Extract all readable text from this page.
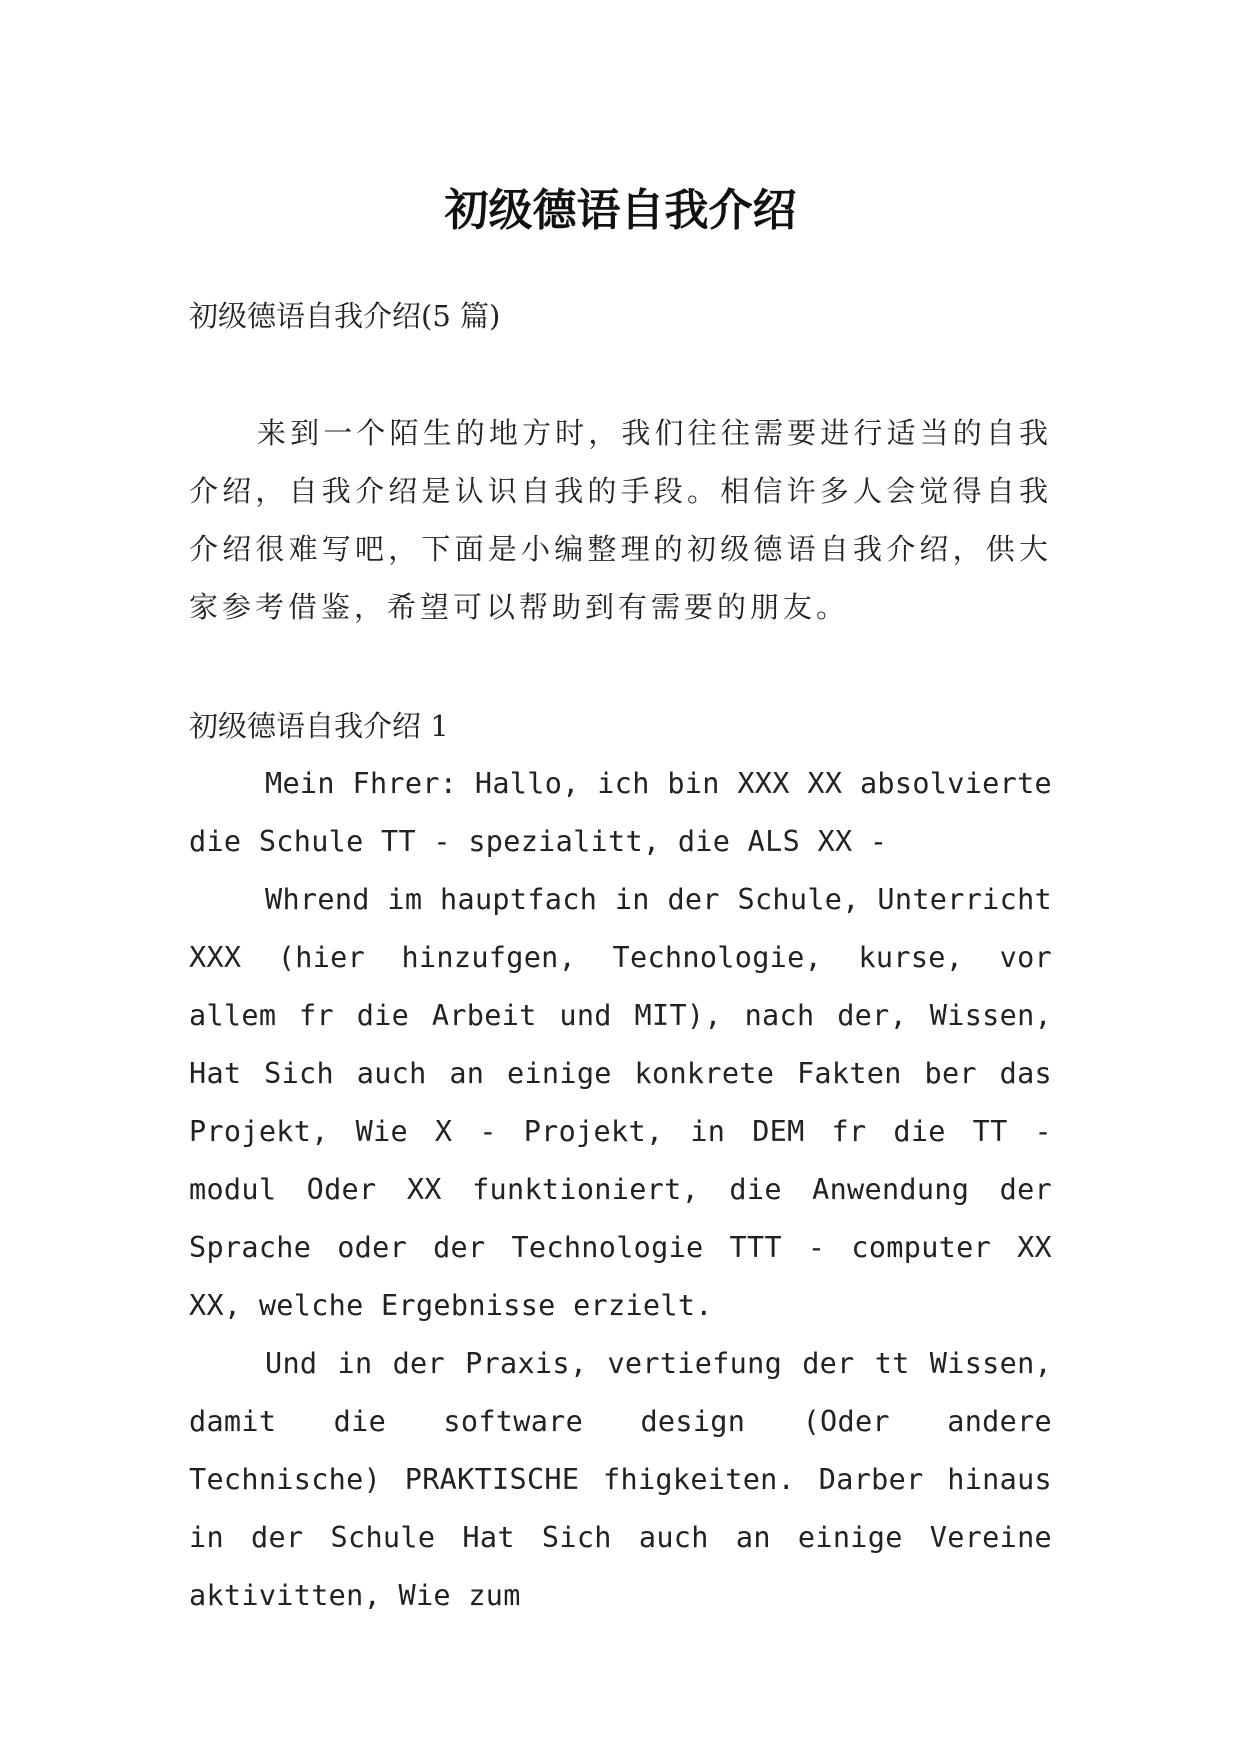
初级德语自我介绍

初级德语自我介绍(5 篇)

来到一个陌生的地方时，我们往往需要进行适当的自我介绍，自我介绍是认识自我的手段。相信许多人会觉得自我介绍很难写吧，下面是小编整理的初级德语自我介绍，供大家参考借鉴，希望可以帮助到有需要的朋友。

初级德语自我介绍 1

Mein Fhrer: Hallo, ich bin XXX XX absolvierte die Schule TT - spezialitt, die ALS XX -

Whrend im hauptfach in der Schule, Unterricht XXX (hier hinzufgen, Technologie, kurse, vor allem fr die Arbeit und MIT), nach der, Wissen, Hat Sich auch an einige konkrete Fakten ber das Projekt, Wie X - Projekt, in DEM fr die TT - modul Oder XX funktioniert, die Anwendung der Sprache oder der Technologie TTT - computer XX XX, welche Ergebnisse erzielt.

Und in der Praxis, vertiefung der tt Wissen, damit die software design (Oder andere Technische) PRAKTISCHE fhigkeiten. Darber hinaus in der Schule Hat Sich auch an einige Vereine aktivitten, Wie zum
